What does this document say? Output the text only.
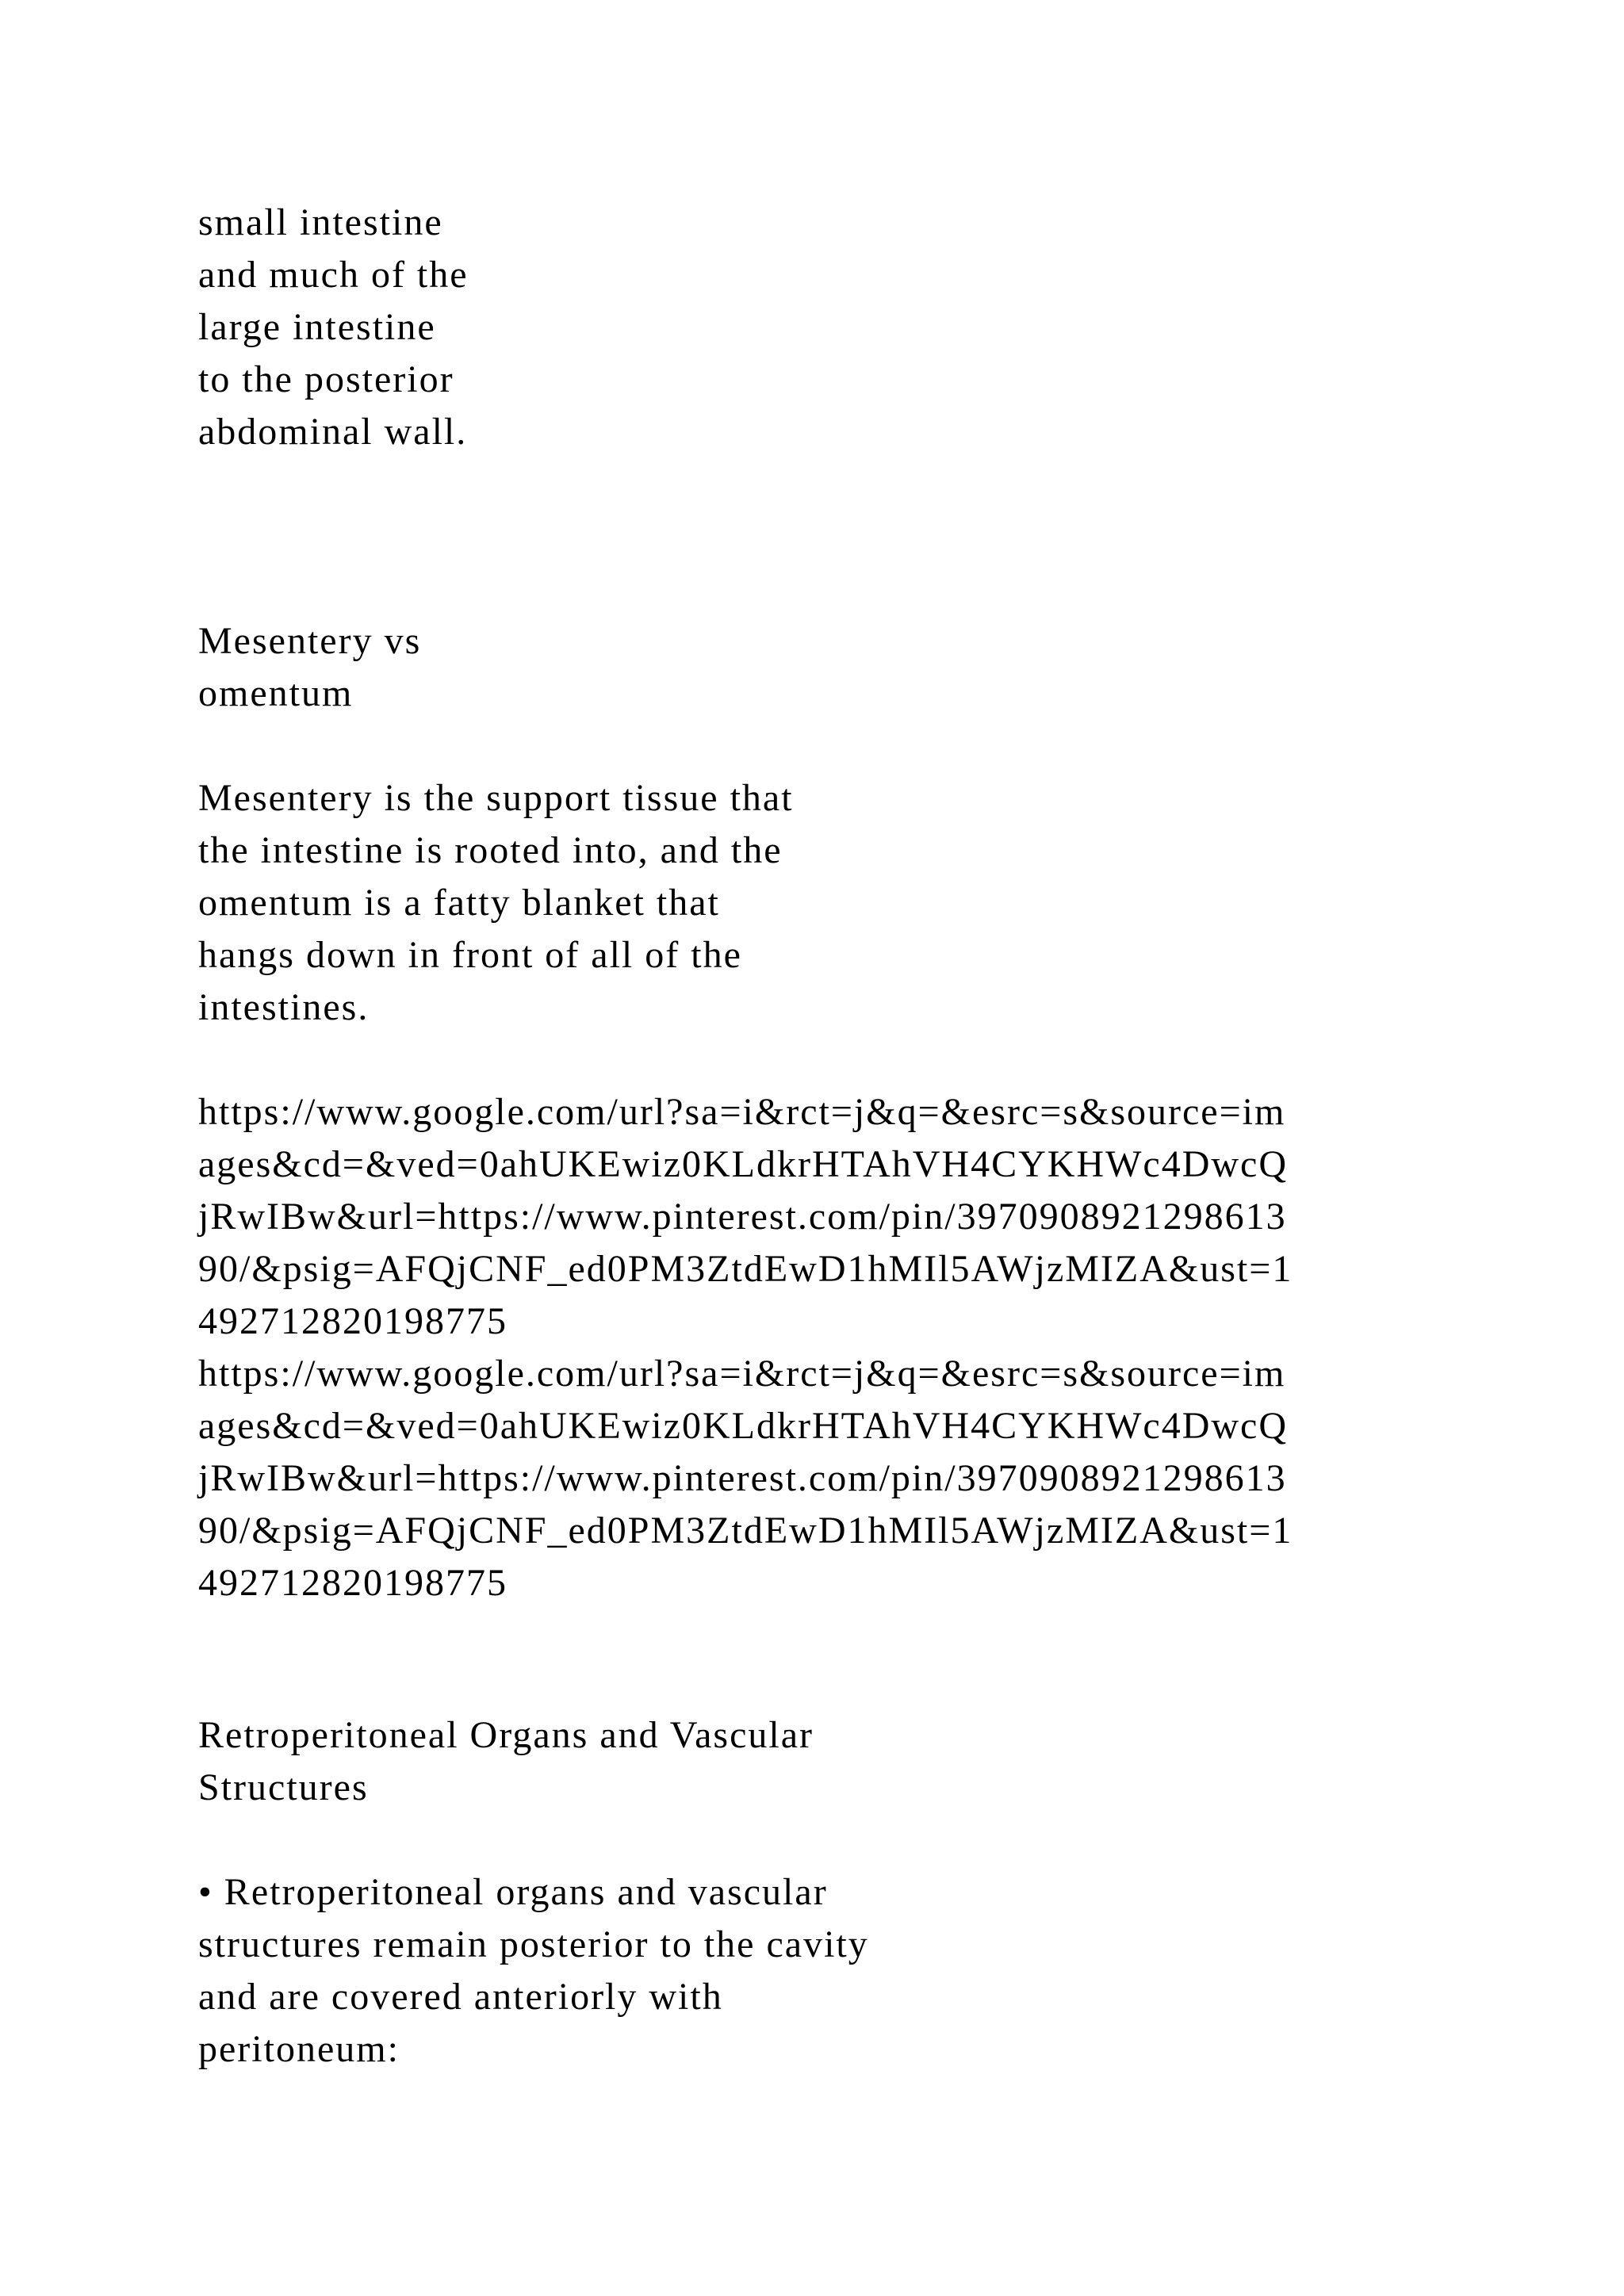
small intestine
and much of the
large intestine
to the posterior
abdominal wall.
Mesentery vs
omentum
Mesentery is the support tissue that
the intestine is rooted into, and the
omentum is a fatty blanket that
hangs down in front of all of the
intestines.
https://www.google.com/url?sa=i&rct=j&q=&esrc=s&source=im
ages&cd=&ved=0ahUKEwiz0KLdkrHTAhVH4CYKHWc4DwcQ
jRwIBw&url=https://www.pinterest.com/pin/3970908921298613
90/&psig=AFQjCNF_ed0PM3ZtdEwD1hMIl5AWjzMIZA&ust=1
492712820198775
https://www.google.com/url?sa=i&rct=j&q=&esrc=s&source=im
ages&cd=&ved=0ahUKEwiz0KLdkrHTAhVH4CYKHWc4DwcQ
jRwIBw&url=https://www.pinterest.com/pin/3970908921298613
90/&psig=AFQjCNF_ed0PM3ZtdEwD1hMIl5AWjzMIZA&ust=1
492712820198775
Retroperitoneal Organs and Vascular
Structures
• Retroperitoneal organs and vascular
structures remain posterior to the cavity
and are covered anteriorly with
peritoneum:
